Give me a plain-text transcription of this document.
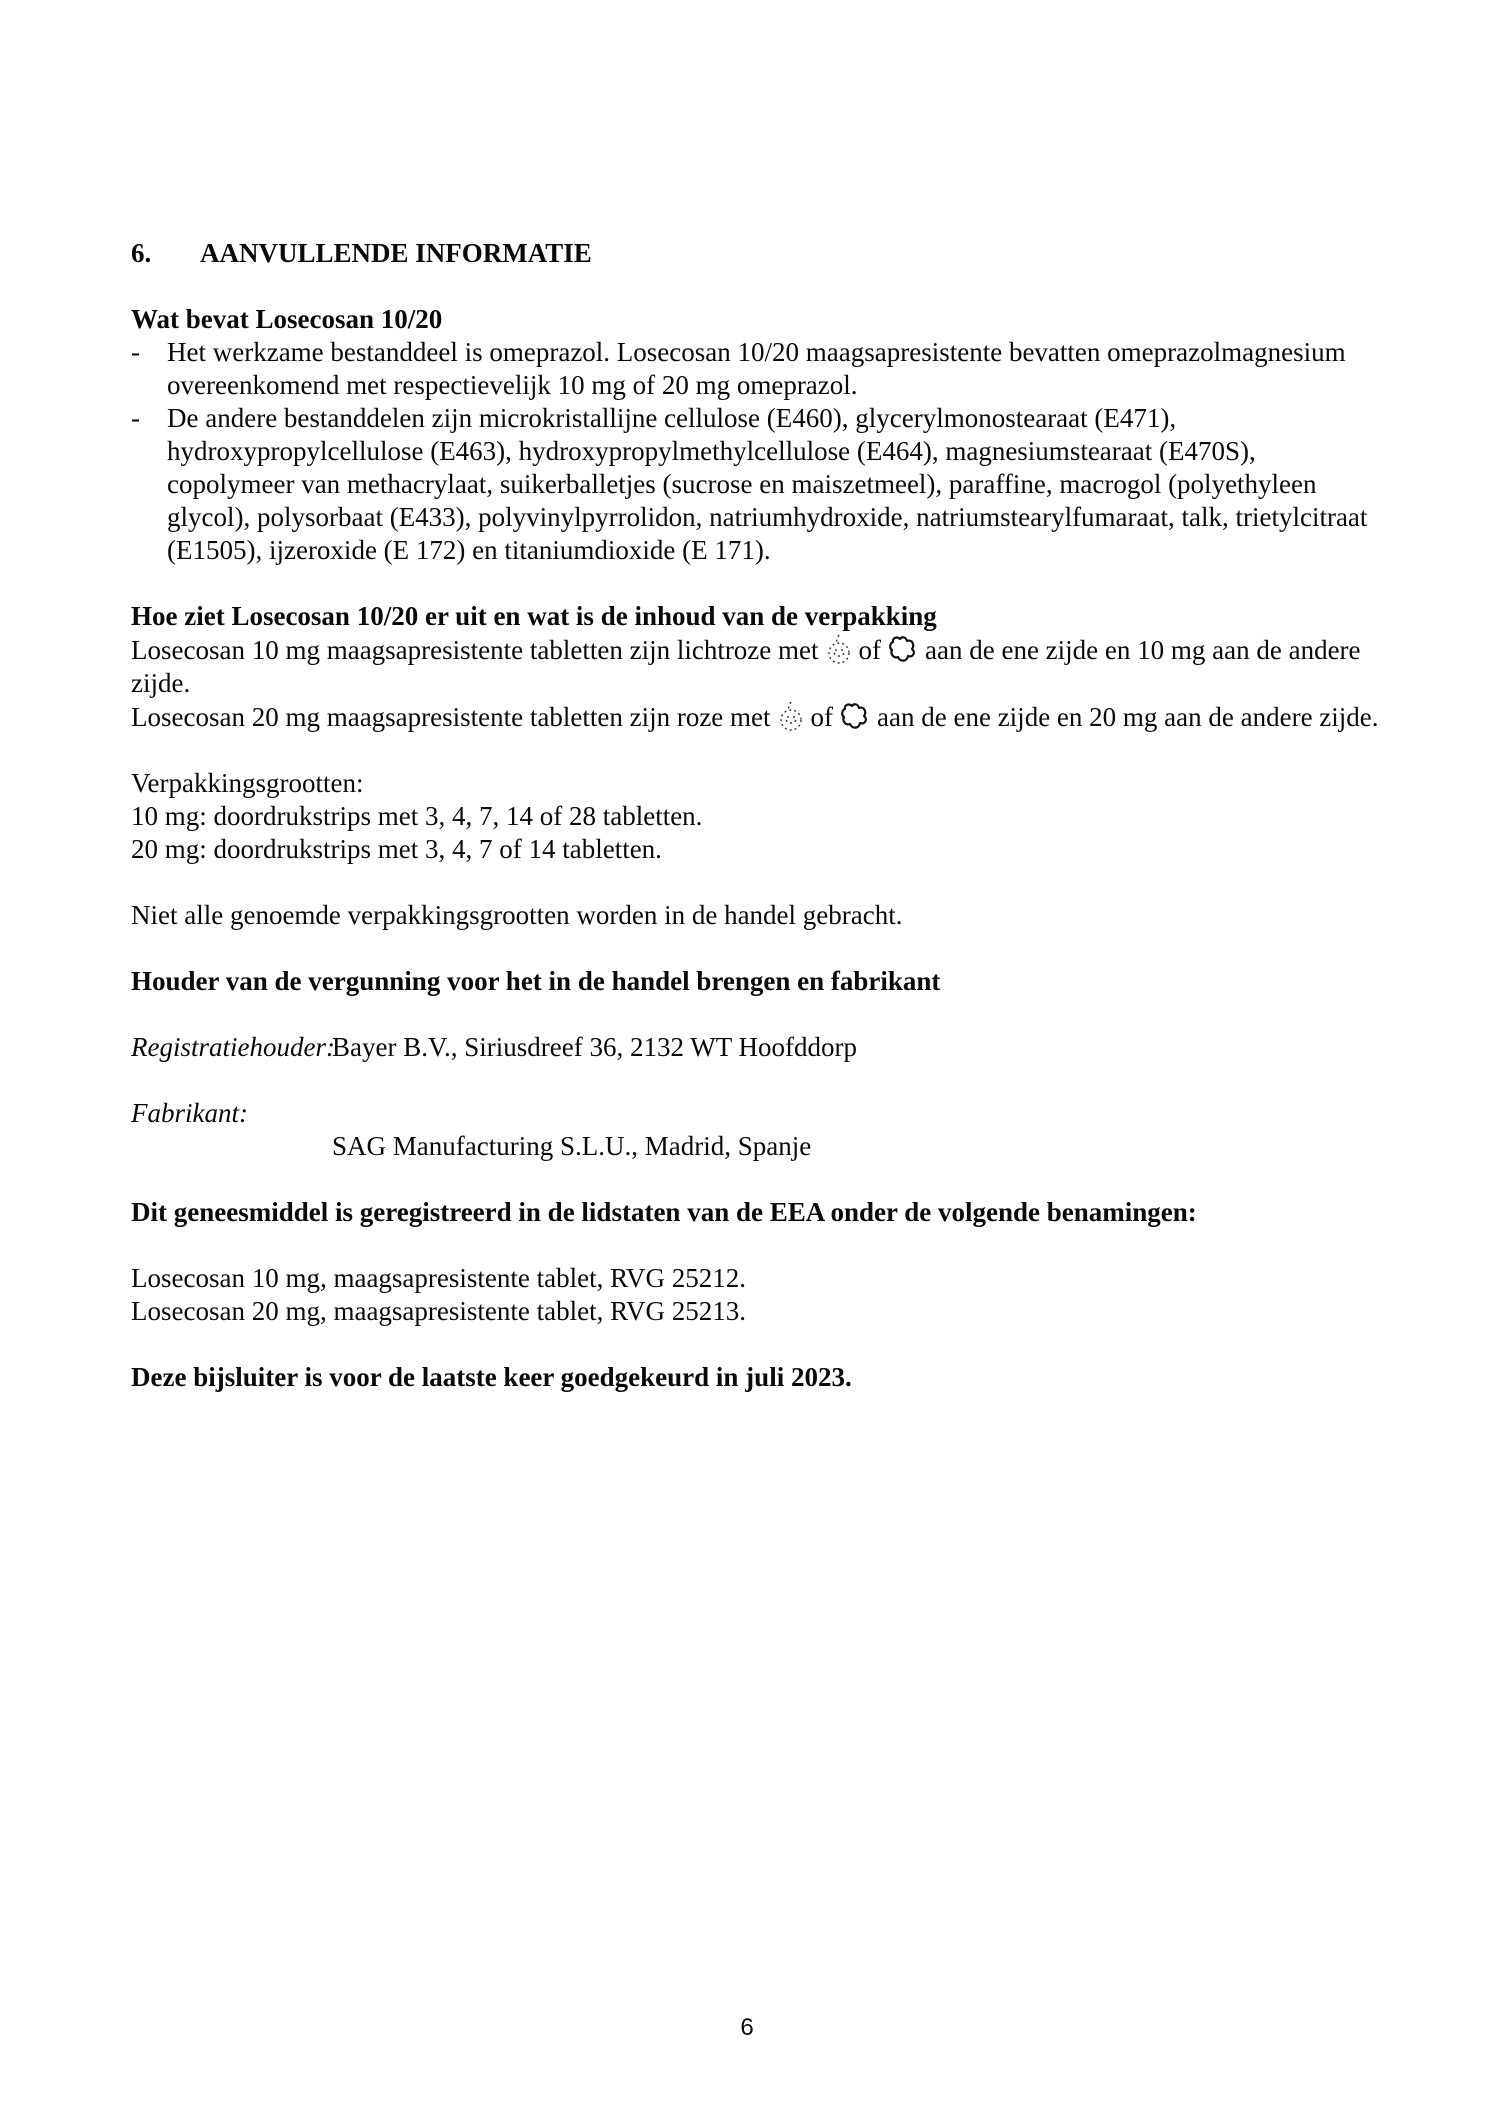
6.	AANVULLENDE INFORMATIE
Wat bevat Losecosan 10/20
-	Het werkzame bestanddeel is omeprazol. Losecosan 10/20 maagsapresistente bevatten omeprazolmagnesium overeenkomend met respectievelijk 10 mg of 20 mg omeprazol.
-	De andere bestanddelen zijn microkristallijne cellulose (E460), glycerylmonostearaat (E471), hydroxypropylcellulose (E463), hydroxypropylmethylcellulose (E464), magnesiumstearaat (E470S), copolymeer van methacrylaat, suikerballetjes (sucrose en maiszetmeel), paraffine, macrogol (polyethyleen glycol), polysorbaat (E433), polyvinylpyrrolidon, natriumhydroxide, natriumstearylfumaraat, talk, trietylcitraat (E1505), ijzeroxide (E 172) en titaniumdioxide (E 171).
Hoe ziet Losecosan 10/20 er uit en wat is de inhoud van de verpakking

Losecosan 10 mg maagsapresistente tabletten zijn lichtroze met of aan de ene zijde en 10 mg aan de andere zijde.

Losecosan 20 mg maagsapresistente tabletten zijn roze met of aan de ene zijde en 20 mg aan de andere zijde.

Verpakkingsgrootten:
10 mg: doordrukstrips met 3, 4, 7, 14 of 28 tabletten.
20 mg: doordrukstrips met 3, 4, 7 of 14 tabletten.
Niet alle genoemde verpakkingsgrootten worden in de handel gebracht.
Houder van de vergunning voor het in de handel brengen en fabrikant
Registratiehouder:
Bayer B.V., Siriusdreef 36, 2132 WT Hoofddorp
Fabrikant:
SAG Manufacturing S.L.U., Madrid, Spanje
Dit geneesmiddel is geregistreerd in de lidstaten van de EEA onder de volgende benamingen:
Losecosan 10 mg, maagsapresistente tablet, RVG 25212.
Losecosan 20 mg, maagsapresistente tablet, RVG 25213.
Deze bijsluiter is voor de laatste keer goedgekeurd in juli 2023.
6
